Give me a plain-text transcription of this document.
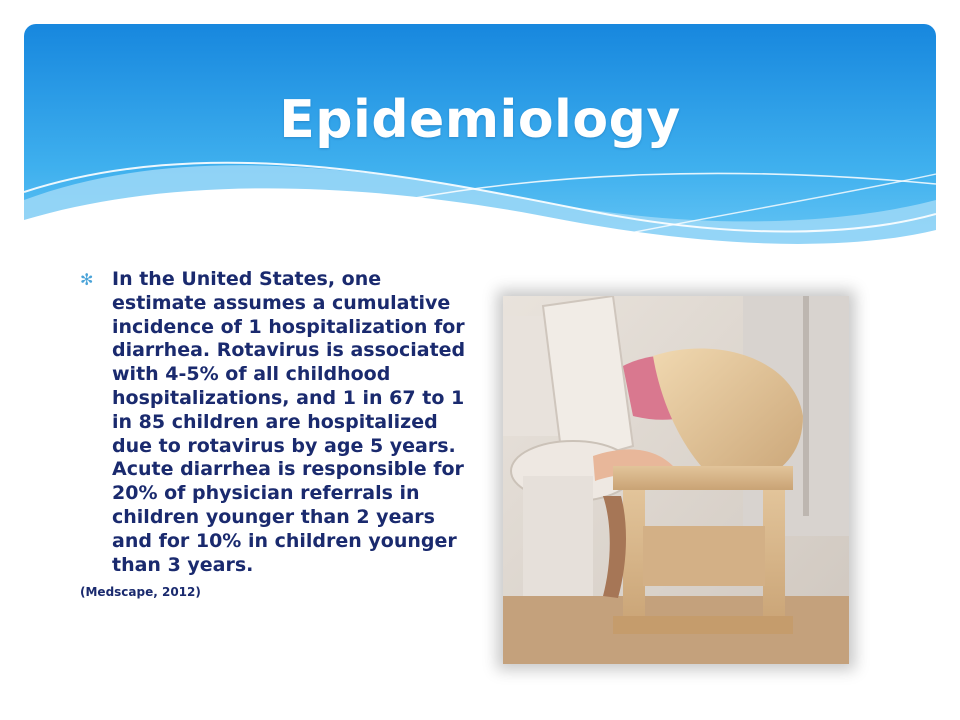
Epidemiology
✻ In the United States, one estimate assumes a cumulative incidence of 1 hospitalization for diarrhea. Rotavirus is associated with 4-5% of all childhood hospitalizations, and 1 in 67 to 1 in 85 children are hospitalized due to rotavirus by age 5 years. Acute diarrhea is responsible for 20% of physician referrals in children younger than 2 years and for 10% in children younger than 3 years.
(Medscape, 2012)
